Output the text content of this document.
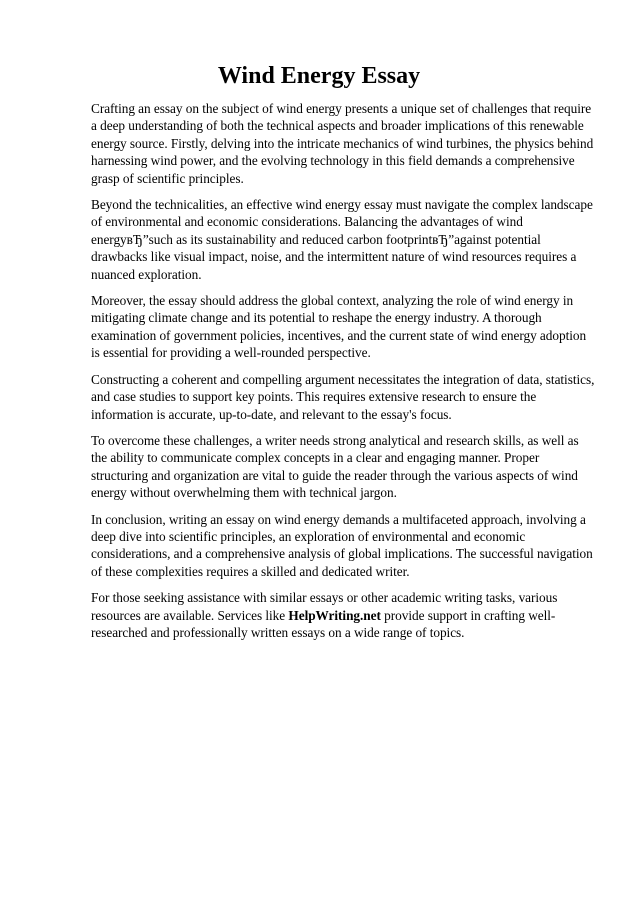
Wind Energy Essay

Crafting an essay on the subject of wind energy presents a unique set of challenges that require a deep understanding of both the technical aspects and broader implications of this renewable energy source. Firstly, delving into the intricate mechanics of wind turbines, the physics behind harnessing wind power, and the evolving technology in this field demands a comprehensive grasp of scientific principles.

Beyond the technicalities, an effective wind energy essay must navigate the complex landscape of environmental and economic considerations. Balancing the advantages of wind energyвЂ”such as its sustainability and reduced carbon footprintвЂ”against potential drawbacks like visual impact, noise, and the intermittent nature of wind resources requires a nuanced exploration.

Moreover, the essay should address the global context, analyzing the role of wind energy in mitigating climate change and its potential to reshape the energy industry. A thorough examination of government policies, incentives, and the current state of wind energy adoption is essential for providing a well-rounded perspective.

Constructing a coherent and compelling argument necessitates the integration of data, statistics, and case studies to support key points. This requires extensive research to ensure the information is accurate, up-to-date, and relevant to the essay's focus.

To overcome these challenges, a writer needs strong analytical and research skills, as well as the ability to communicate complex concepts in a clear and engaging manner. Proper structuring and organization are vital to guide the reader through the various aspects of wind energy without overwhelming them with technical jargon.

In conclusion, writing an essay on wind energy demands a multifaceted approach, involving a deep dive into scientific principles, an exploration of environmental and economic considerations, and a comprehensive analysis of global implications. The successful navigation of these complexities requires a skilled and dedicated writer.

For those seeking assistance with similar essays or other academic writing tasks, various resources are available. Services like HelpWriting.net provide support in crafting well-researched and professionally written essays on a wide range of topics.
